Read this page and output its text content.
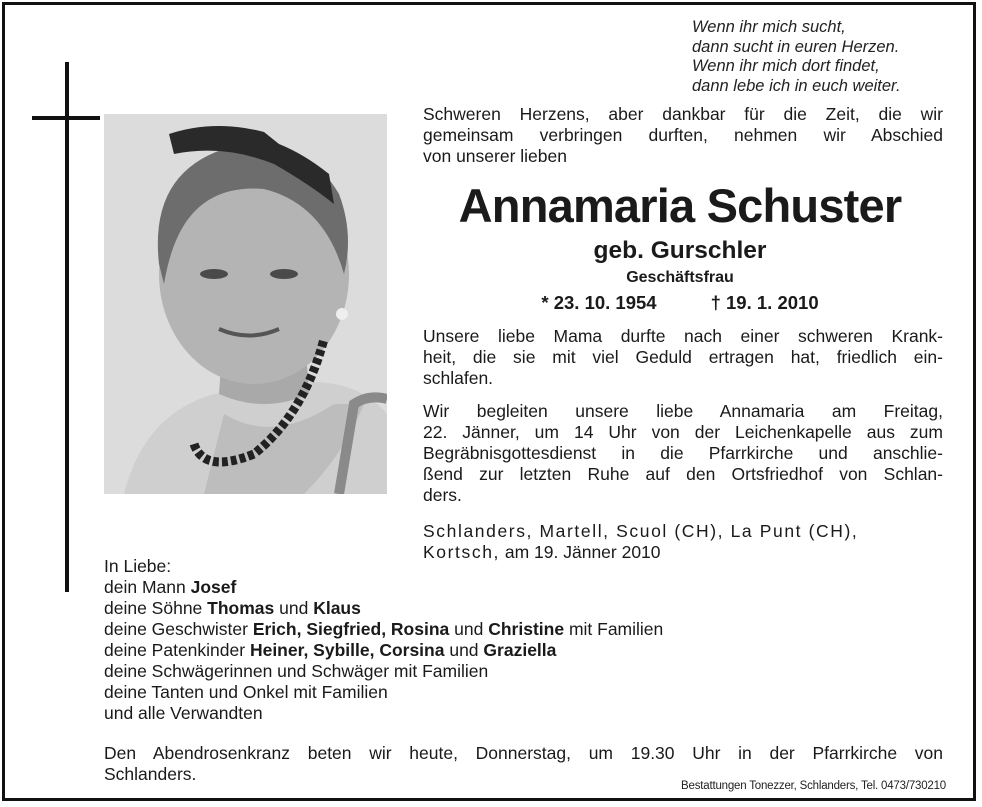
Wenn ihr mich sucht,
dann sucht in euren Herzen.
Wenn ihr mich dort findet,
dann lebe ich in euch weiter.
Schweren Herzens, aber dankbar für die Zeit, die wir
gemeinsam verbringen durften, nehmen wir Abschied
von unserer lieben
Annamaria Schuster
geb. Gurschler
Geschäftsfrau
* 23. 10. 1954	† 19. 1. 2010
Unsere liebe Mama durfte nach einer schweren Krank-
heit, die sie mit viel Geduld ertragen hat, friedlich ein-
schlafen.
Wir begleiten unsere liebe Annamaria am Freitag,
22. Jänner, um 14 Uhr von der Leichenkapelle aus zum
Begräbnisgottesdienst in die Pfarrkirche und anschlie-
ßend zur letzten Ruhe auf den Ortsfriedhof von Schlan-
ders.
Schlanders, Martell, Scuol (CH), La Punt (CH),
Kortsch, am 19. Jänner 2010
In Liebe:
dein Mann Josef
deine Söhne Thomas und Klaus
deine Geschwister Erich, Siegfried, Rosina und Christine mit Familien
deine Patenkinder Heiner, Sybille, Corsina und Graziella
deine Schwägerinnen und Schwäger mit Familien
deine Tanten und Onkel mit Familien
und alle Verwandten
Den Abendrosenkranz beten wir heute, Donnerstag, um 19.30 Uhr in der Pfarrkirche von
Schlanders.
Bestattungen Tonezzer, Schlanders, Tel. 0473/730210
